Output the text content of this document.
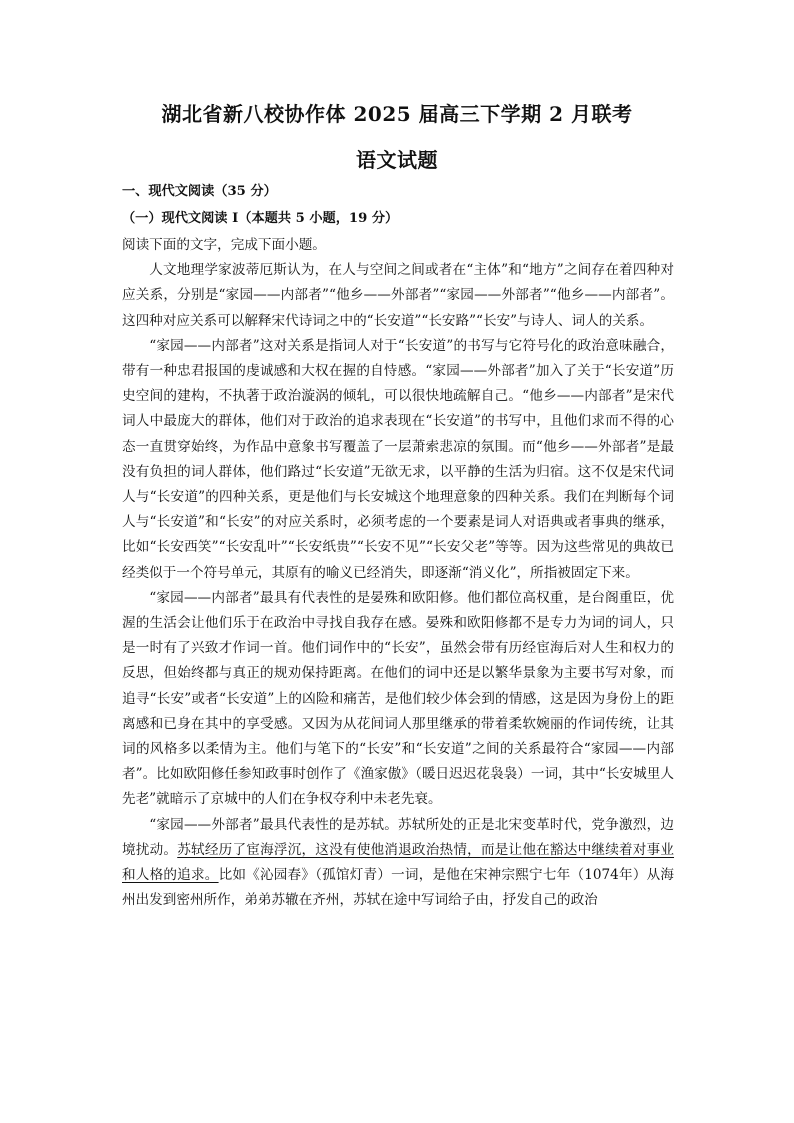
湖北省新八校协作体 2025 届高三下学期 2 月联考
语文试题
一、现代文阅读（35 分）
（一）现代文阅读 I（本题共 5 小题，19 分）

阅读下面的文字，完成下面小题。

人文地理学家波蒂厄斯认为，在人与空间之间或者在“主体”和“地方”之间存在着四种对应关系，分别是“家园——内部者”“他乡——外部者”“家园——外部者”“他乡——内部者”。这四种对应关系可以解释宋代诗词之中的“长安道”“长安路”“长安”与诗人、词人的关系。

“家园——内部者”这对关系是指词人对于“长安道”的书写与它符号化的政治意味融合，带有一种忠君报国的虔诚感和大权在握的自恃感。“家园——外部者”加入了关于“长安道”历史空间的建构，不执著于政治漩涡的倾轧，可以很快地疏解自己。“他乡——内部者”是宋代词人中最庞大的群体，他们对于政治的追求表现在“长安道”的书写中，且他们求而不得的心态一直贯穿始终，为作品中意象书写覆盖了一层萧索悲凉的氛围。而“他乡——外部者”是最没有负担的词人群体，他们路过“长安道”无欲无求，以平静的生活为归宿。这不仅是宋代词人与“长安道”的四种关系，更是他们与长安城这个地理意象的四种关系。我们在判断每个词人与“长安道”和“长安”的对应关系时，必须考虑的一个要素是词人对语典或者事典的继承，比如“长安西笑”“长安乱叶”“长安纸贵”“长安不见”“长安父老”等等。因为这些常见的典故已经类似于一个符号单元，其原有的喻义已经消失，即逐渐“消义化”，所指被固定下来。

“家园——内部者”最具有代表性的是晏殊和欧阳修。他们都位高权重，是台阁重臣，优渥的生活会让他们乐于在政治中寻找自我存在感。晏殊和欧阳修都不是专力为词的词人，只是一时有了兴致才作词一首。他们词作中的“长安”，虽然会带有历经宦海后对人生和权力的反思，但始终都与真正的规劝保持距离。在他们的词中还是以繁华景象为主要书写对象，而追寻“长安”或者“长安道”上的凶险和痛苦，是他们较少体会到的情感，这是因为身份上的距离感和已身在其中的享受感。又因为从花间词人那里继承的带着柔软婉丽的作词传统，让其词的风格多以柔情为主。他们与笔下的“长安”和“长安道”之间的关系最符合“家园——内部者”。比如欧阳修任参知政事时创作了《渔家傲》（暖日迟迟花袅袅）一词，其中“长安城里人先老”就暗示了京城中的人们在争权夺利中未老先衰。

“家园——外部者”最具代表性的是苏轼。苏轼所处的正是北宋变革时代，党争激烈，边境扰动。苏轼经历了宦海浮沉，这没有使他消退政治热情，而是让他在豁达中继续着对事业和人格的追求。比如《沁园春》（孤馆灯青）一词，是他在宋神宗熙宁七年（1074年）从海州出发到密州所作，弟弟苏辙在齐州，苏轼在途中写词给子由，抒发自己的政治
